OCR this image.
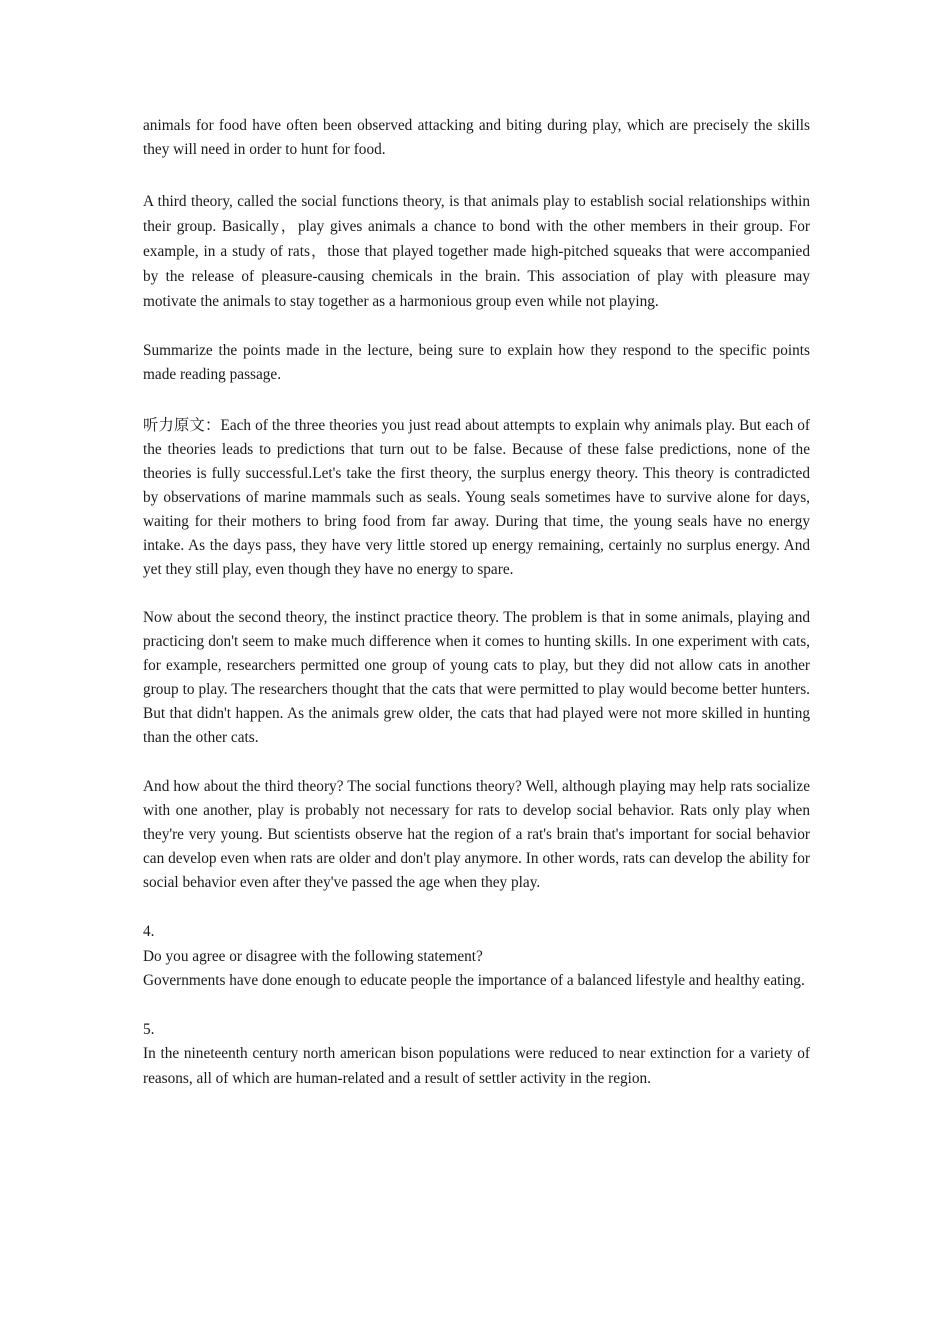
animals for food have often been observed attacking and biting during play, which are precisely the skills they will need in order to hunt for food.

A third theory, called the social functions theory, is that animals play to establish social relationships within their group. Basically，play gives animals a chance to bond with the other members in their group. For example, in a study of rats，those that played together made high-pitched squeaks that were accompanied by the release of pleasure-causing chemicals in the brain. This association of play with pleasure may motivate the animals to stay together as a harmonious group even while not playing.

Summarize the points made in the lecture, being sure to explain how they respond to the specific points made reading passage.

听力原文：Each of the three theories you just read about attempts to explain why animals play. But each of the theories leads to predictions that turn out to be false. Because of these false predictions, none of the theories is fully successful.Let's take the first theory, the surplus energy theory. This theory is contradicted by observations of marine mammals such as seals. Young seals sometimes have to survive alone for days, waiting for their mothers to bring food from far away. During that time, the young seals have no energy intake. As the days pass, they have very little stored up energy remaining, certainly no surplus energy. And yet they still play, even though they have no energy to spare.

Now about the second theory, the instinct practice theory. The problem is that in some animals, playing and practicing don't seem to make much difference when it comes to hunting skills. In one experiment with cats, for example, researchers permitted one group of young cats to play, but they did not allow cats in another group to play. The researchers thought that the cats that were permitted to play would become better hunters. But that didn't happen. As the animals grew older, the cats that had played were not more skilled in hunting than the other cats.

And how about the third theory? The social functions theory? Well, although playing may help rats socialize with one another, play is probably not necessary for rats to develop social behavior. Rats only play when they're very young. But scientists observe hat the region of a rat's brain that's important for social behavior can develop even when rats are older and don't play anymore. In other words, rats can develop the ability for social behavior even after they've passed the age when they play.

4.

Do you agree or disagree with the following statement?

Governments have done enough to educate people the importance of a balanced lifestyle and healthy eating.

5.

In the nineteenth century north american bison populations were reduced to near extinction for a variety of reasons, all of which are human-related and a result of settler activity in the region.
